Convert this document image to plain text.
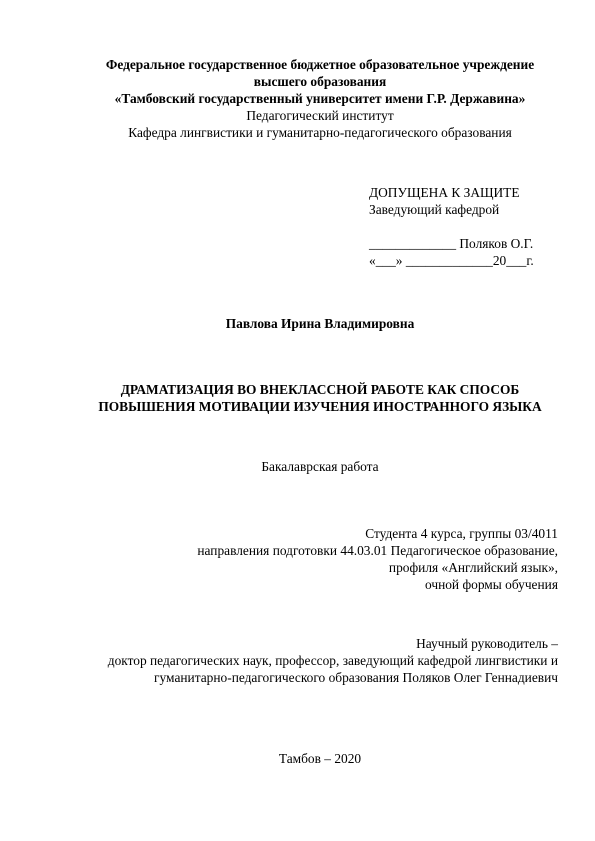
Федеральное государственное бюджетное образовательное учреждение
высшего образования
«Тамбовский государственный университет имени Г.Р. Державина»
Педагогический институт
Кафедра лингвистики и гуманитарно-педагогического образования
ДОПУЩЕНА К ЗАЩИТЕ
Заведующий кафедрой
_____________ Поляков О.Г.
«___» _____________20___г.
Павлова Ирина Владимировна
ДРАМАТИЗАЦИЯ ВО ВНЕКЛАССНОЙ РАБОТЕ КАК СПОСОБ
ПОВЫШЕНИЯ МОТИВАЦИИ ИЗУЧЕНИЯ ИНОСТРАННОГО ЯЗЫКА
Бакалаврская работа
Студента 4 курса, группы 03/4011
направления подготовки 44.03.01 Педагогическое образование,
профиля «Английский язык»,
очной формы обучения
Научный руководитель –
доктор педагогических наук, профессор, заведующий кафедрой лингвистики и
гуманитарно-педагогического образования Поляков Олег Геннадиевич
Тамбов – 2020
